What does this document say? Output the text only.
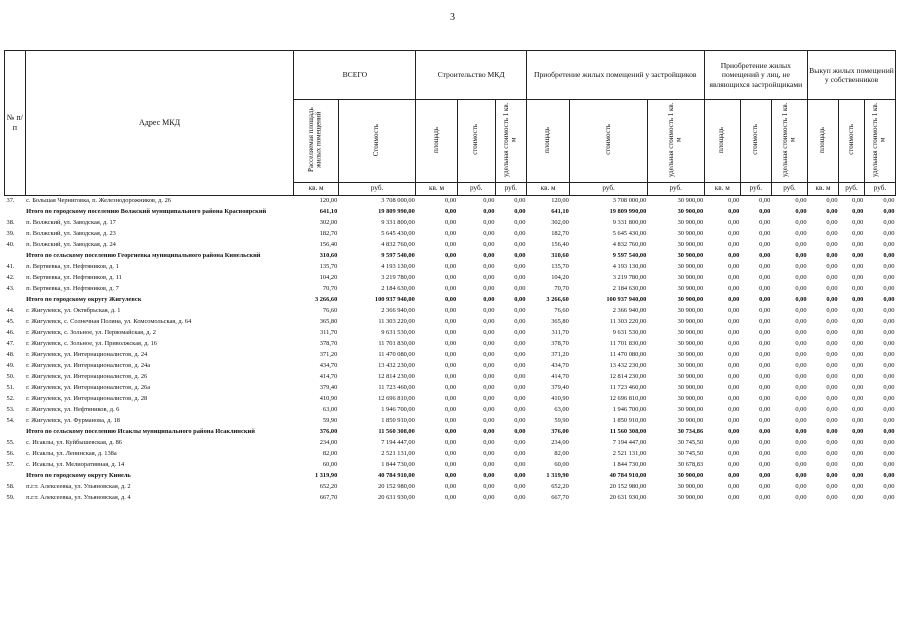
3
№ п/п	Адрес МКД	ВСЕГО		Строительство МКД			Приобретение жилых помещений у застройщиков			Приобретение жилых помещений у лиц, не являющихся застройщиками			Выкуп жилых помещений у собственников		
		Расселяемая площадь жилых помещений	Стоимость	площадь	стоимость	удельная стоимость 1 кв. м	площадь	стоимость	удельная стоимость 1 кв. м	площадь	стоимость	удельная стоимость 1 кв. м	площадь	стоимость	удельная стоимость 1 кв. м
		кв. м	руб.	кв. м	руб.	руб.	кв. м	руб.	руб.	кв. м	руб.	руб.	кв. м	руб.	руб.
37.	с. Большая Черниговка, п. Железнодорожников, д. 26	120,00	3 708 000,00	0,00	0,00	0,00	120,00	3 708 000,00	30 900,00	0,00	0,00	0,00	0,00	0,00	0,00
	Итого по городскому поселению Волжский муниципального района Красноярский	641,10	19 809 990,00	0,00	0,00	0,00	641,10	19 809 990,00	30 900,00	0,00	0,00	0,00	0,00	0,00	0,00
38.	п. Волжский, ул. Заводская, д. 17	302,00	9 331 800,00	0,00	0,00	0,00	302,00	9 331 800,00	30 900,00	0,00	0,00	0,00	0,00	0,00	0,00
39.	п. Волжский, ул. Заводская, д. 23	182,70	5 645 430,00	0,00	0,00	0,00	182,70	5 645 430,00	30 900,00	0,00	0,00	0,00	0,00	0,00	0,00
40.	п. Волжский, ул. Заводская, д. 24	156,40	4 832 760,00	0,00	0,00	0,00	156,40	4 832 760,00	30 900,00	0,00	0,00	0,00	0,00	0,00	0,00
	Итого по сельскому поселению Георгиевка муниципального района Кинельский	310,60	9 597 540,00	0,00	0,00	0,00	310,60	9 597 540,00	30 900,00	0,00	0,00	0,00	0,00	0,00	0,00
41.	п. Вертяевка, ул. Нефтяников, д. 1	135,70	4 193 130,00	0,00	0,00	0,00	135,70	4 193 130,00	30 900,00	0,00	0,00	0,00	0,00	0,00	0,00
42.	п. Вертяевка, ул. Нефтяников, д. 11	104,20	3 219 780,00	0,00	0,00	0,00	104,20	3 219 780,00	30 900,00	0,00	0,00	0,00	0,00	0,00	0,00
43.	п. Вертяевка, ул. Нефтяников, д. 7	70,70	2 184 630,00	0,00	0,00	0,00	70,70	2 184 630,00	30 900,00	0,00	0,00	0,00	0,00	0,00	0,00
	Итого по городскому округу Жигулевск	3 266,60	100 937 940,00	0,00	0,00	0,00	3 266,60	100 937 940,00	30 900,00	0,00	0,00	0,00	0,00	0,00	0,00
44.	г. Жигулевск, ул. Октябрьская, д. 1	76,60	2 366 940,00	0,00	0,00	0,00	76,60	2 366 940,00	30 900,00	0,00	0,00	0,00	0,00	0,00	0,00
45.	г. Жигулевск, с. Солнечная Поляна, ул. Комсомольская, д. 64	365,80	11 303 220,00	0,00	0,00	0,00	365,80	11 303 220,00	30 900,00	0,00	0,00	0,00	0,00	0,00	0,00
46.	г. Жигулевск, с. Зольное, ул. Первомайская, д. 2	311,70	9 631 530,00	0,00	0,00	0,00	311,70	9 631 530,00	30 900,00	0,00	0,00	0,00	0,00	0,00	0,00
47.	г. Жигулевск, с. Зольное, ул. Приволжская, д. 16	378,70	11 701 830,00	0,00	0,00	0,00	378,70	11 701 830,00	30 900,00	0,00	0,00	0,00	0,00	0,00	0,00
48.	г. Жигулевск, ул. Интернационалистов, д. 24	371,20	11 470 080,00	0,00	0,00	0,00	371,20	11 470 080,00	30 900,00	0,00	0,00	0,00	0,00	0,00	0,00
49.	г. Жигулевск, ул. Интернационалистов, д. 24а	434,70	13 432 230,00	0,00	0,00	0,00	434,70	13 432 230,00	30 900,00	0,00	0,00	0,00	0,00	0,00	0,00
50.	г. Жигулевск, ул. Интернационалистов, д. 26	414,70	12 814 230,00	0,00	0,00	0,00	414,70	12 814 230,00	30 900,00	0,00	0,00	0,00	0,00	0,00	0,00
51.	г. Жигулевск, ул. Интернационалистов, д. 26а	379,40	11 723 460,00	0,00	0,00	0,00	379,40	11 723 460,00	30 900,00	0,00	0,00	0,00	0,00	0,00	0,00
52.	г. Жигулевск, ул. Интернационалистов, д. 28	410,90	12 696 810,00	0,00	0,00	0,00	410,90	12 696 810,00	30 900,00	0,00	0,00	0,00	0,00	0,00	0,00
53.	г. Жигулевск, ул. Нефтяников, д. 6	63,00	1 946 700,00	0,00	0,00	0,00	63,00	1 946 700,00	30 900,00	0,00	0,00	0,00	0,00	0,00	0,00
54.	г. Жигулевск, ул. Фурманова, д. 18	59,90	1 850 910,00	0,00	0,00	0,00	59,90	1 850 910,00	30 900,00	0,00	0,00	0,00	0,00	0,00	0,00
	Итого по сельскому поселению Исаклы муниципального района Исаклинский	376,00	11 560 308,00	0,00	0,00	0,00	376,00	11 560 308,00	30 734,86	0,00	0,00	0,00	0,00	0,00	0,00
55.	с. Исаклы, ул. Куйбышевская, д. 86	234,00	7 194 447,00	0,00	0,00	0,00	234,00	7 194 447,00	30 745,50	0,00	0,00	0,00	0,00	0,00	0,00
56.	с. Исаклы, ул. Ленинская, д. 138а	82,00	2 521 131,00	0,00	0,00	0,00	82,00	2 521 131,00	30 745,50	0,00	0,00	0,00	0,00	0,00	0,00
57.	с. Исаклы, ул. Мелиоративная, д. 14	60,00	1 844 730,00	0,00	0,00	0,00	60,00	1 844 730,00	30 678,83	0,00	0,00	0,00	0,00	0,00	0,00
	Итого по городскому округу Кинель	1 319,90	40 784 910,00	0,00	0,00	0,00	1 319,90	40 784 910,00	30 900,00	0,00	0,00	0,00	0,00	0,00	0,00
58.	п.г.т. Алексеевка, ул. Ульяновская, д. 2	652,20	20 152 980,00	0,00	0,00	0,00	652,20	20 152 980,00	30 900,00	0,00	0,00	0,00	0,00	0,00	0,00
59.	п.г.т. Алексеевка, ул. Ульяновская, д. 4	667,70	20 631 930,00	0,00	0,00	0,00	667,70	20 631 930,00	30 900,00	0,00	0,00	0,00	0,00	0,00	0,00
